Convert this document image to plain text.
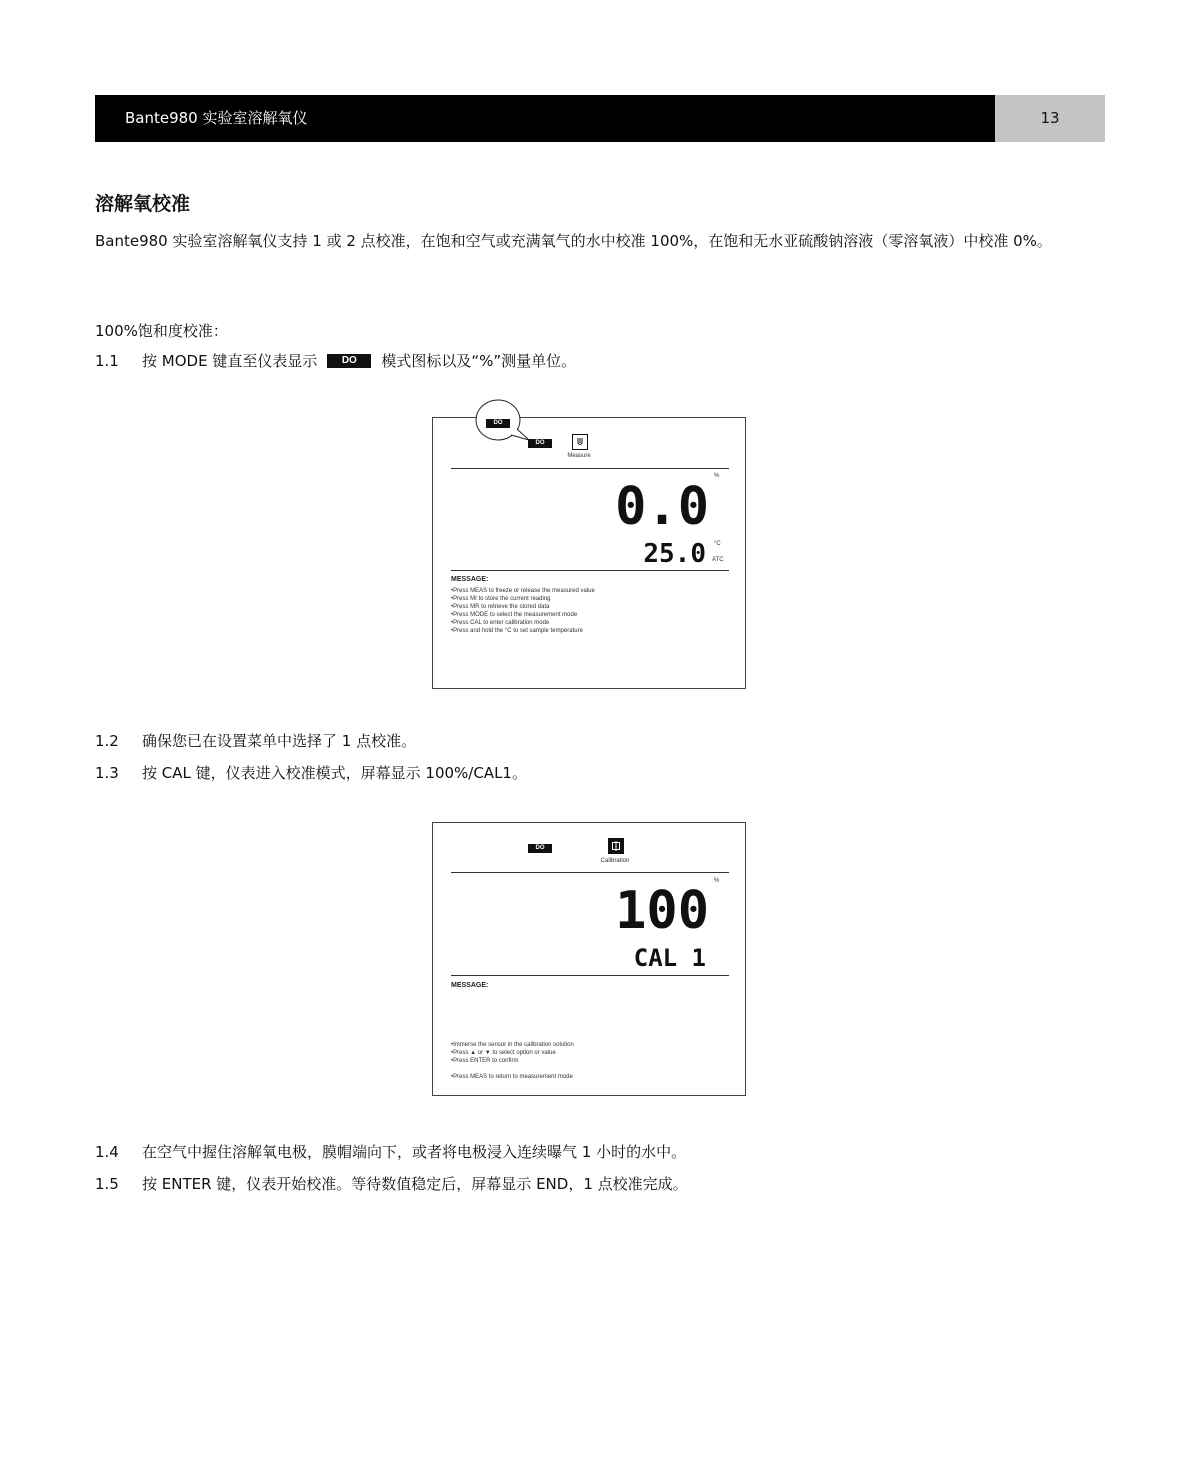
Bante980 实验室溶解氧仪	13
溶解氧校准
Bante980 实验室溶解氧仪支持 1 或 2 点校准，在饱和空气或充满氧气的水中校准 100%，在饱和无水亚硫酸钠溶液（零溶氧液）中校准 0%。
100%饱和度校准：
1.1 按 MODE 键直至仪表显示 DO 模式图标以及“%”测量单位。
DO
DO
Measure
%
0.0
25.0 °C
ATC
MESSAGE:
• Press MEAS to freeze or release the measured value
• Press MI to store the current reading
• Press MR to retrieve the stored data
• Press MODE to select the measurement mode
• Press CAL to enter calibration mode
• Press and hold the °C to set sample temperature
1.2 确保您已在设置菜单中选择了 1 点校准。
1.3 按 CAL 键，仪表进入校准模式，屏幕显示 100%/CAL1。
DO
Calibration
%
100
CAL 1
MESSAGE:
• Immerse the sensor in the calibration solution
• Press ▲ or ▼ to select option or value
• Press ENTER to confirm
• Press MEAS to return to measurement mode
1.4 在空气中握住溶解氧电极，膜帽端向下，或者将电极浸入连续曝气 1 小时的水中。
1.5 按 ENTER 键，仪表开始校准。等待数值稳定后，屏幕显示 END，1 点校准完成。
